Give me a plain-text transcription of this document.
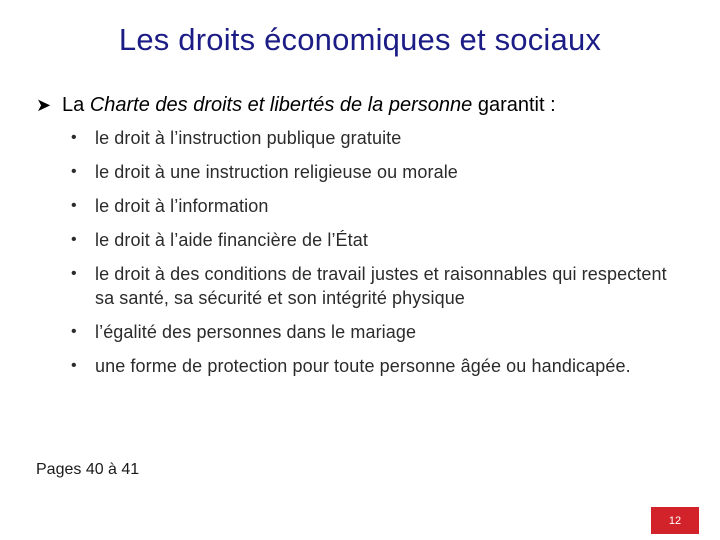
Les droits économiques et sociaux
➤ La Charte des droits et libertés de la personne garantit :
•	le droit à l’instruction publique gratuite
•	le droit à une instruction religieuse ou morale
•	le droit à l’information
•	le droit à l’aide financière de l’État
•	le droit à des conditions de travail justes et raisonnables qui respectent sa santé, sa sécurité et son intégrité physique
•	l’égalité des personnes dans le mariage
•	une forme de protection pour toute personne âgée ou handicapée.
Pages 40 à 41
12
